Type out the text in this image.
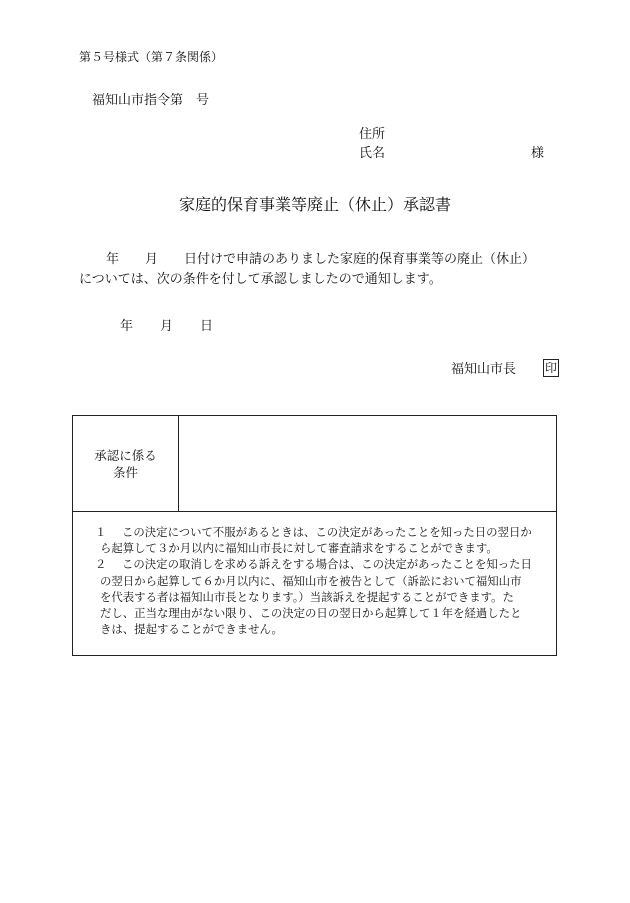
第５号様式（第７条関係）
福知山市指令第 号
住所
氏名	様
家庭的保育事業等廃止（休止）承認書
年　　月　　日付けで申請のありました家庭的保育事業等の廃止（休止）
については、次の条件を付して承認しましたので通知します。
年 月 日
福知山市長 印
承認に係る
条件
１ この決定について不服があるときは、この決定があったことを知った日の翌日か
ら起算して３か月以内に福知山市長に対して審査請求をすることができます。
２ この決定の取消しを求める訴えをする場合は、この決定があったことを知った日
の翌日から起算して６か月以内に、福知山市を被告として（訴訟において福知山市
を代表する者は福知山市長となります。）当該訴えを提起することができます。た
だし、正当な理由がない限り、この決定の日の翌日から起算して１年を経過したと
きは、提起することができません。
